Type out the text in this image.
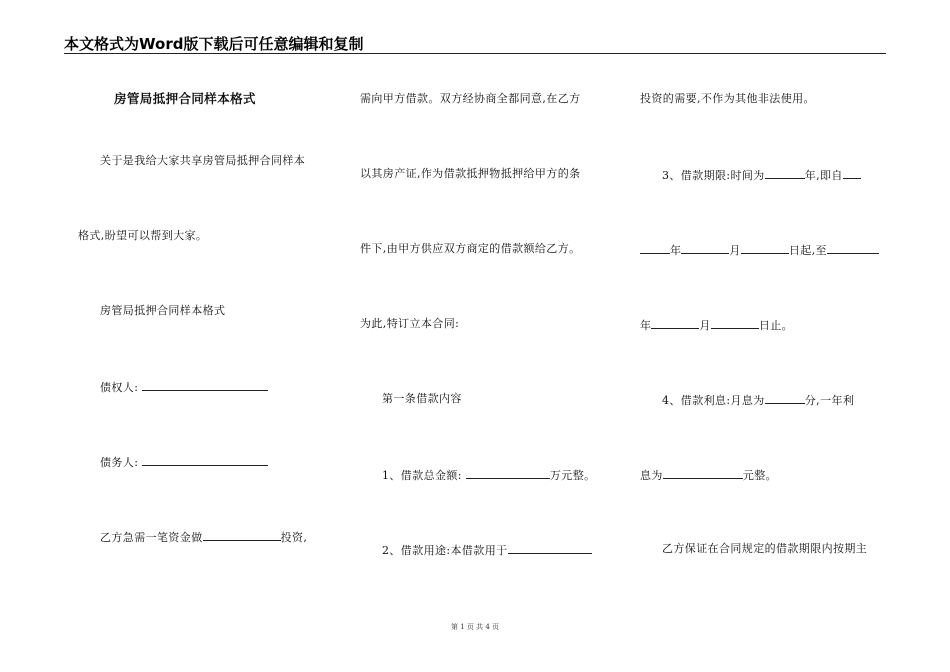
本文格式为Word版下载后可任意编辑和复制
房管局抵押合同样本格式
关于是我给大家共享房管局抵押合同样本
格式,盼望可以帮到大家。
房管局抵押合同样本格式
债权人:
债务人:
乙方急需一笔资金做	投资,
需向甲方借款。双方经协商全都同意,在乙方
以其房产证,作为借款抵押物抵押给甲方的条
件下,由甲方供应双方商定的借款额给乙方。
为此,特订立本合同:
第一条借款内容
1、借款总金额:	万元整。
2、借款用途:本借款用于
投资的需要,不作为其他非法使用。
3、借款期限:时间为	年,即自
年	月	日起,至
年	月	日止。
4、借款利息:月息为	分,一年利
息为	元整。
乙方保证在合同规定的借款期限内按期主
第 1 页 共 4 页
